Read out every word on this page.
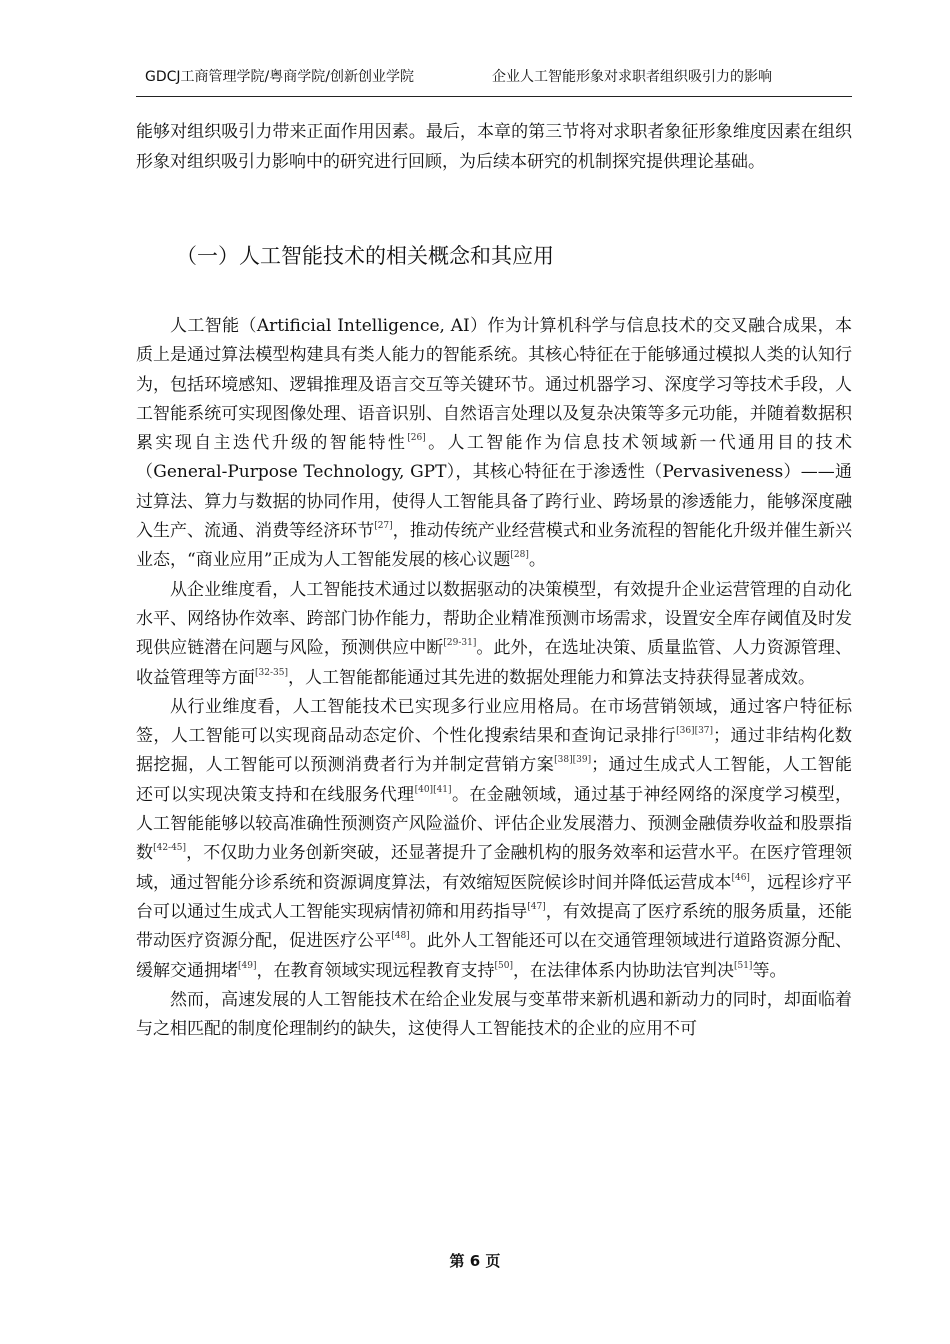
GDCJ工商管理学院/粤商学院/创新创业学院	企业人工智能形象对求职者组织吸引力的影响

能够对组织吸引力带来正面作用因素。最后，本章的第三节将对求职者象征形象维度因素在组织形象对组织吸引力影响中的研究进行回顾，为后续本研究的机制探究提供理论基础。

（一）人工智能技术的相关概念和其应用

人工智能（Artificial Intelligence, AI）作为计算机科学与信息技术的交叉融合成果，本质上是通过算法模型构建具有类人能力的智能系统。其核心特征在于能够通过模拟人类的认知行为，包括环境感知、逻辑推理及语言交互等关键环节。通过机器学习、深度学习等技术手段，人工智能系统可实现图像处理、语音识别、自然语言处理以及复杂决策等多元功能，并随着数据积累实现自主迭代升级的智能特性[26]。人工智能作为信息技术领域新一代通用目的技术（General-Purpose Technology, GPT），其核心特征在于渗透性（Pervasiveness）——通过算法、算力与数据的协同作用，使得人工智能具备了跨行业、跨场景的渗透能力，能够深度融入生产、流通、消费等经济环节[27]，推动传统产业经营模式和业务流程的智能化升级并催生新兴业态，“商业应用”正成为人工智能发展的核心议题[28]。

从企业维度看，人工智能技术通过以数据驱动的决策模型，有效提升企业运营管理的自动化水平、网络协作效率、跨部门协作能力，帮助企业精准预测市场需求，设置安全库存阈值及时发现供应链潜在问题与风险，预测供应中断[29-31]。此外，在选址决策、质量监管、人力资源管理、收益管理等方面[32-35]，人工智能都能通过其先进的数据处理能力和算法支持获得显著成效。

从行业维度看，人工智能技术已实现多行业应用格局。在市场营销领域，通过客户特征标签，人工智能可以实现商品动态定价、个性化搜索结果和查询记录排行[36][37]；通过非结构化数据挖掘，人工智能可以预测消费者行为并制定营销方案[38][39]；通过生成式人工智能，人工智能还可以实现决策支持和在线服务代理[40][41]。在金融领域，通过基于神经网络的深度学习模型，人工智能能够以较高准确性预测资产风险溢价、评估企业发展潜力、预测金融债券收益和股票指数[42-45]，不仅助力业务创新突破，还显著提升了金融机构的服务效率和运营水平。在医疗管理领域，通过智能分诊系统和资源调度算法，有效缩短医院候诊时间并降低运营成本[46]，远程诊疗平台可以通过生成式人工智能实现病情初筛和用药指导[47]，有效提高了医疗系统的服务质量，还能带动医疗资源分配，促进医疗公平[48]。此外人工智能还可以在交通管理领域进行道路资源分配、缓解交通拥堵[49]，在教育领域实现远程教育支持[50]，在法律体系内协助法官判决[51]等。

然而，高速发展的人工智能技术在给企业发展与变革带来新机遇和新动力的同时，却面临着与之相匹配的制度伦理制约的缺失，这使得人工智能技术的企业的应用不可

第 6 页
